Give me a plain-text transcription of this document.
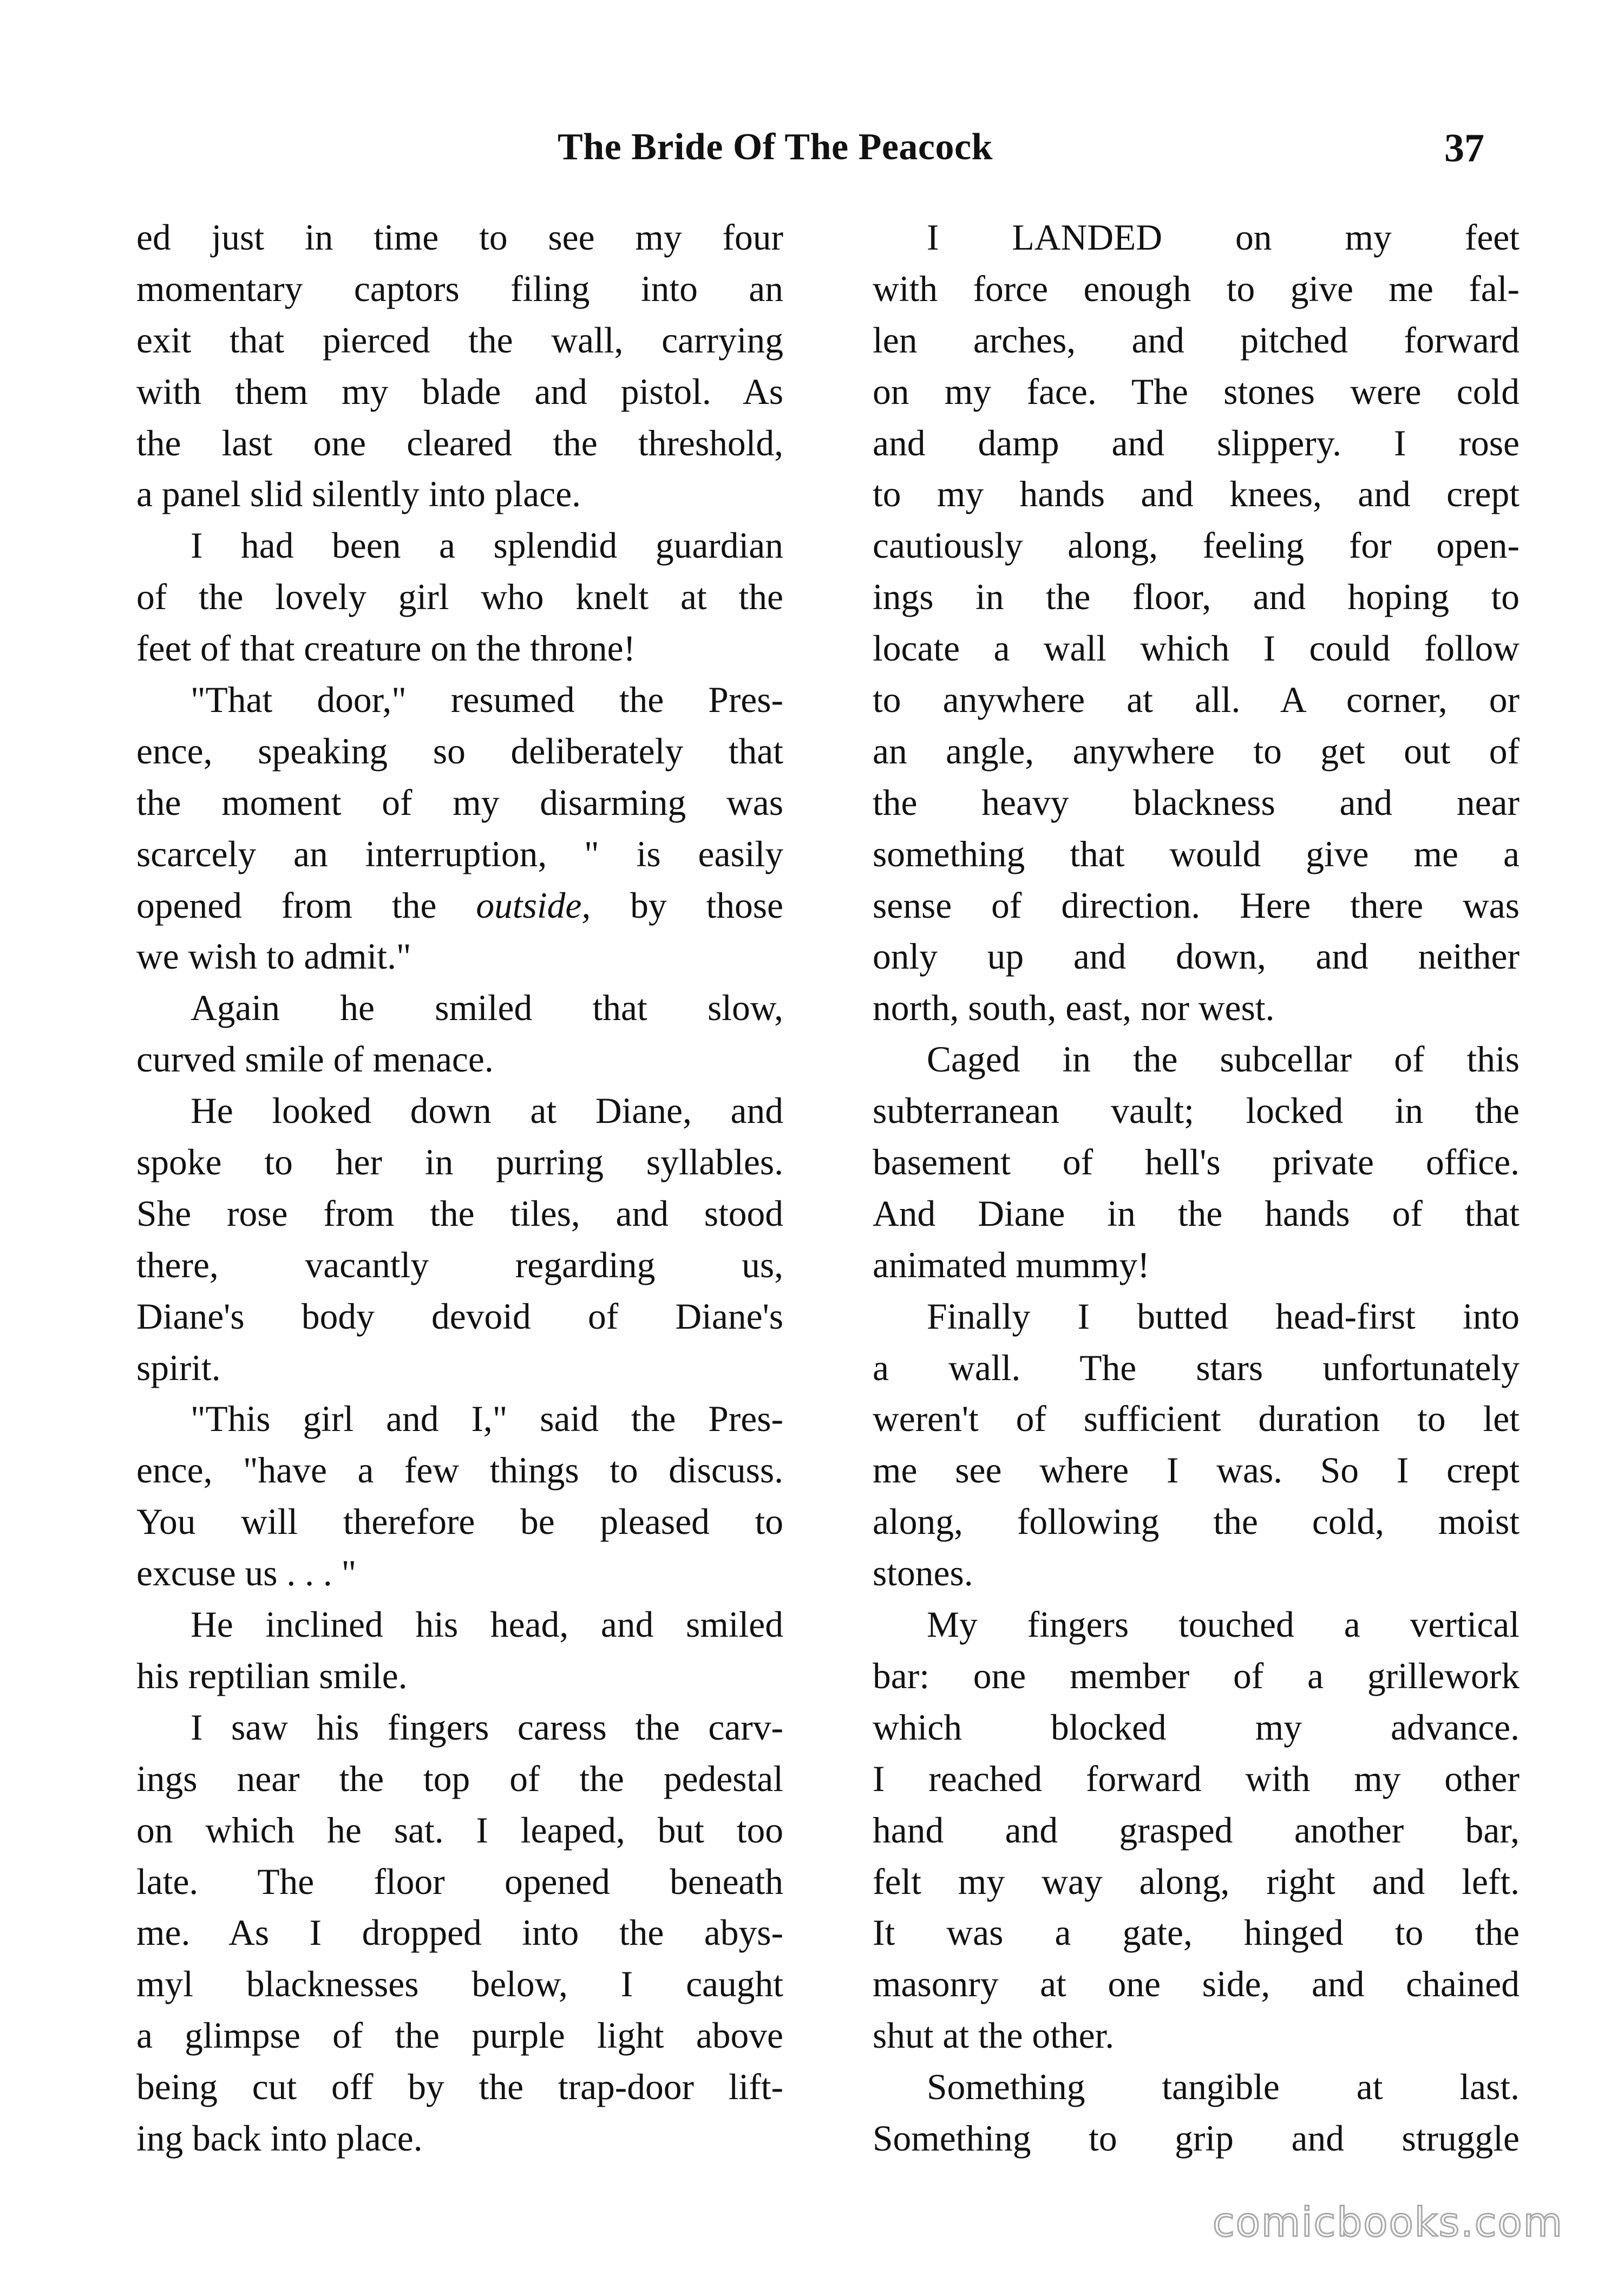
The Bride Of The Peacock	37
ed just in time to see my four
momentary captors filing into an
exit that pierced the wall, carrying
with them my blade and pistol. As
the last one cleared the threshold,
a panel slid silently into place.
I had been a splendid guardian
of the lovely girl who knelt at the
feet of that creature on the throne!
"That door," resumed the Pres-
ence, speaking so deliberately that
the moment of my disarming was
scarcely an interruption, " is easily
opened from the outside, by those
we wish to admit."
Again he smiled that slow,
curved smile of menace.
He looked down at Diane, and
spoke to her in purring syllables.
She rose from the tiles, and stood
there, vacantly regarding us,
Diane's body devoid of Diane's
spirit.
"This girl and I," said the Pres-
ence, "have a few things to discuss.
You will therefore be pleased to
excuse us . . . "
He inclined his head, and smiled
his reptilian smile.
I saw his fingers caress the carv-
ings near the top of the pedestal
on which he sat. I leaped, but too
late. The floor opened beneath
me. As I dropped into the abys-
myl blacknesses below, I caught
a glimpse of the purple light above
being cut off by the trap-door lift-
ing back into place.
I LANDED on my feet
with force enough to give me fal-
len arches, and pitched forward
on my face. The stones were cold
and damp and slippery. I rose
to my hands and knees, and crept
cautiously along, feeling for open-
ings in the floor, and hoping to
locate a wall which I could follow
to anywhere at all. A corner, or
an angle, anywhere to get out of
the heavy blackness and near
something that would give me a
sense of direction. Here there was
only up and down, and neither
north, south, east, nor west.
Caged in the subcellar of this
subterranean vault; locked in the
basement of hell's private office.
And Diane in the hands of that
animated mummy!
Finally I butted head-first into
a wall. The stars unfortunately
weren't of sufficient duration to let
me see where I was. So I crept
along, following the cold, moist
stones.
My fingers touched a vertical
bar: one member of a grillework
which blocked my advance.
I reached forward with my other
hand and grasped another bar,
felt my way along, right and left.
It was a gate, hinged to the
masonry at one side, and chained
shut at the other.
Something tangible at last.
Something to grip and struggle
comicbooks.com
